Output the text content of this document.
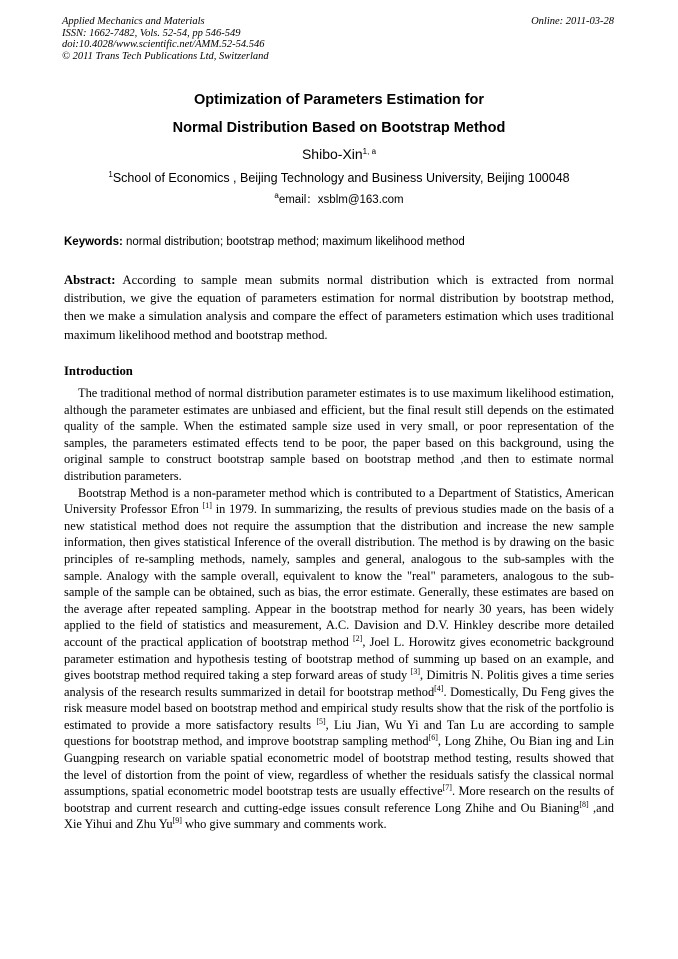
Applied Mechanics and Materials
ISSN: 1662-7482, Vols. 52-54, pp 546-549
doi:10.4028/www.scientific.net/AMM.52-54.546
© 2011 Trans Tech Publications Ltd, Switzerland
Online: 2011-03-28
Optimization of Parameters Estimation for
Normal Distribution Based on Bootstrap Method
Shibo-Xin$^{1, a}$
$^1$School of Economics , Beijing Technology and Business University, Beijing 100048
$^a$email：xsblm@163.com
Keywords: normal distribution; bootstrap method; maximum likelihood method
Abstract: According to sample mean submits normal distribution which is extracted from normal distribution, we give the equation of parameters estimation for normal distribution by bootstrap method, then we make a simulation analysis and compare the effect of parameters estimation which uses traditional maximum likelihood method and bootstrap method.
Introduction

The traditional method of normal distribution parameter estimates is to use maximum likelihood estimation, although the parameter estimates are unbiased and efficient, but the final result still depends on the estimated quality of the sample. When the estimated sample size used in very small, or poor representation of the samples, the parameters estimated effects tend to be poor, the paper based on this background, using the original sample to construct bootstrap sample based on bootstrap method ,and then to estimate normal distribution parameters.

Bootstrap Method is a non-parameter method which is contributed to a Department of Statistics, American University Professor Efron [1] in 1979. In summarizing, the results of previous studies made on the basis of a new statistical method does not require the assumption that the distribution and increase the new sample information, then gives statistical Inference of the overall distribution. The method is by drawing on the basic principles of re-sampling methods, namely, samples and general, analogous to the sub-samples with the sample. Analogy with the sample overall, equivalent to know the "real" parameters, analogous to the sub-sample of the sample can be obtained, such as bias, the error estimate. Generally, these estimates are based on the average after repeated sampling. Appear in the bootstrap method for nearly 30 years, has been widely applied to the field of statistics and measurement, A.C. Davision and D.V. Hinkley describe more detailed account of the practical application of bootstrap method [2], Joel L. Horowitz gives econometric background parameter estimation and hypothesis testing of bootstrap method of summing up based on an example, and gives bootstrap method required taking a step forward areas of study [3], Dimitris N. Politis gives a time series analysis of the research results summarized in detail for bootstrap method[4]. Domestically, Du Feng gives the risk measure model based on bootstrap method and empirical study results show that the risk of the portfolio is estimated to provide a more satisfactory results [5], Liu Jian, Wu Yi and Tan Lu are according to sample questions for bootstrap method, and improve bootstrap sampling method[6], Long Zhihe, Ou Bian ing and Lin Guangping research on variable spatial econometric model of bootstrap method testing, results showed that the level of distortion from the point of view, regardless of whether the residuals satisfy the classical normal assumptions, spatial econometric model bootstrap tests are usually effective[7]. More research on the results of bootstrap and current research and cutting-edge issues consult reference Long Zhihe and Ou Bianing[8] ,and Xie Yihui and Zhu Yu[9] who give summary and comments work.
